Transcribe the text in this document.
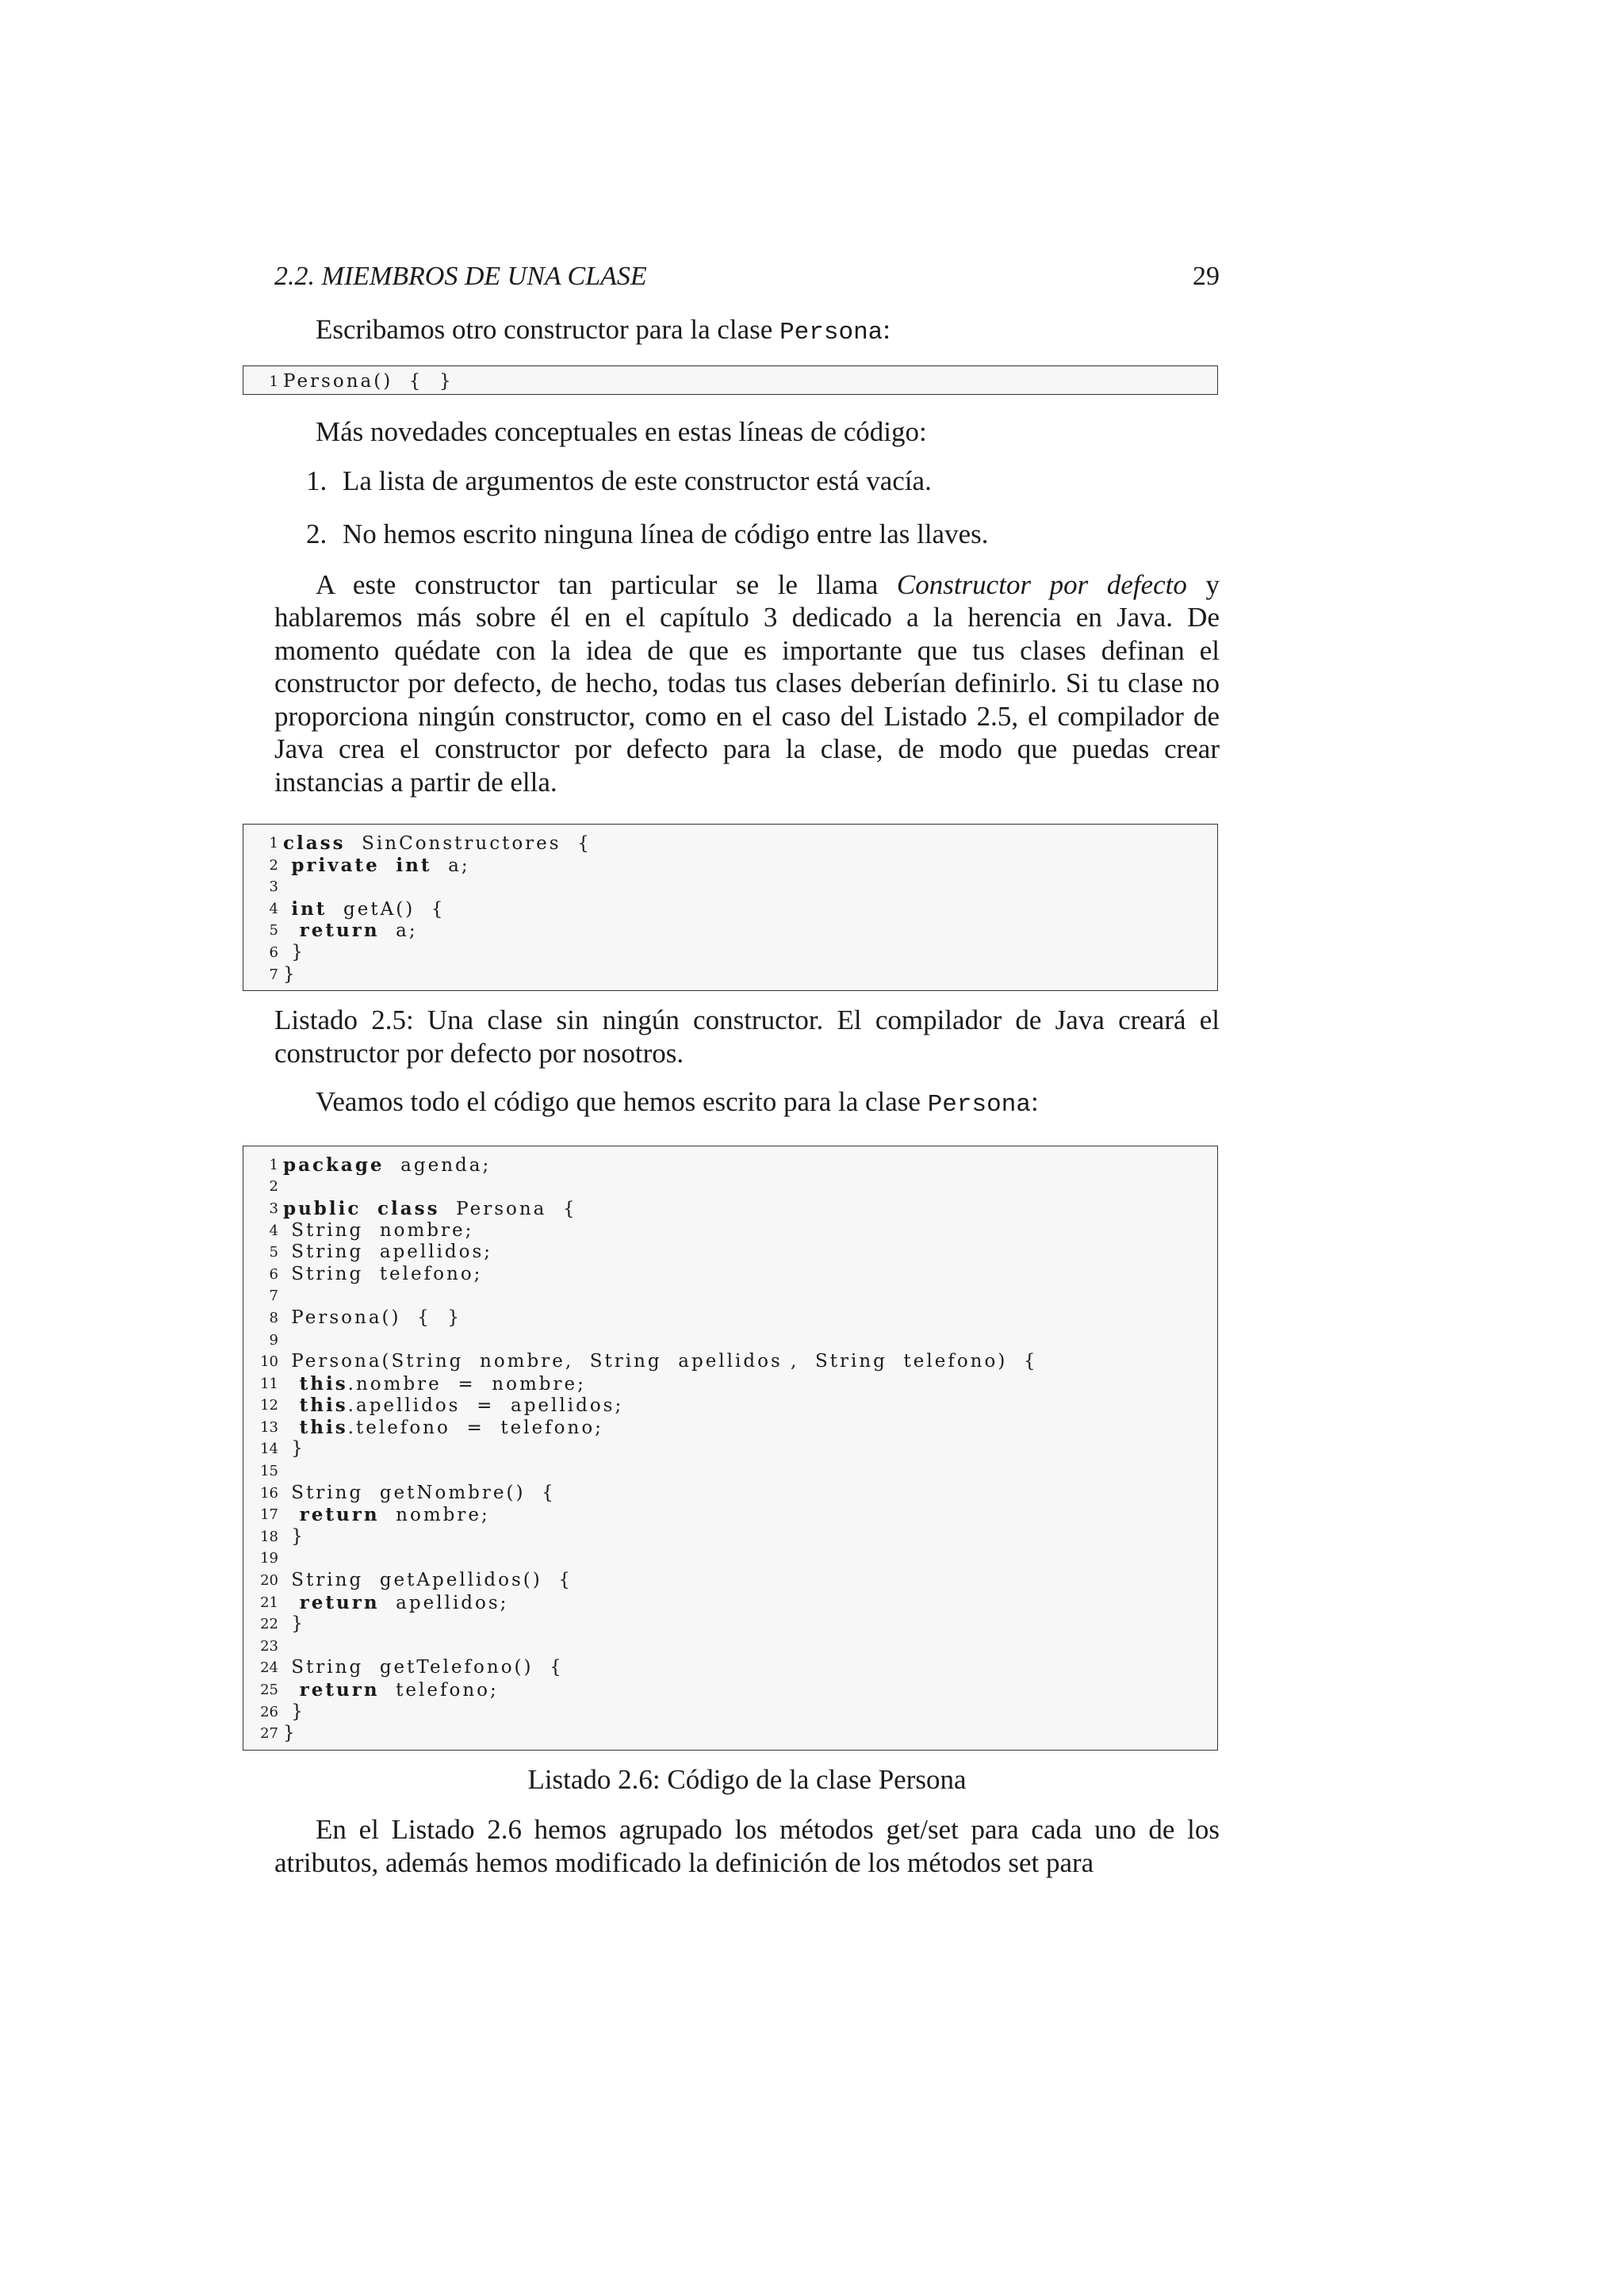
2.2. MIEMBROS DE UNA CLASE	29

Escribamos otro constructor para la clase Persona:

1 Persona()  {  }

Más novedades conceptuales en estas líneas de código:

1. La lista de argumentos de este constructor está vacía.
2. No hemos escrito ninguna línea de código entre las llaves.

A este constructor tan particular se le llama Constructor por defecto y hablaremos más sobre él en el capítulo 3 dedicado a la herencia en Java. De momento quédate con la idea de que es importante que tus clases definan el constructor por defecto, de hecho, todas tus clases deberían definirlo. Si tu clase no proporciona ningún constructor, como en el caso del Listado 2.5, el compilador de Java crea el constructor por defecto para la clase, de modo que puedas crear instancias a partir de ella.

1 class  SinConstructores  {
2 private int  a;
3
4 int  getA()  {
5	return  a;
6 }
7 }

Listado 2.5: Una clase sin ningún constructor. El compilador de Java creará el constructor por defecto por nosotros.

Veamos todo el código que hemos escrito para la clase Persona:

1 package  agenda;
2
3 public class  Persona  {
4 String  nombre;
5 String  apellidos;
6 String  telefono;
7
8 Persona()  {  }
9
10 Persona(String  nombre,  String  apellidos ,  String  telefono)  {
11	this.nombre  =  nombre;
12	this.apellidos  =  apellidos;
13	this.telefono  =  telefono;
14 }
15
16 String  getNombre()  {
17	return  nombre;
18 }
19
20 String  getApellidos()  {
21	return  apellidos;
22 }
23
24 String  getTelefono()  {
25	return  telefono;
26 }
27 }

Listado 2.6: Código de la clase Persona

En el Listado 2.6 hemos agrupado los métodos get/set para cada uno de los atributos, además hemos modificado la definición de los métodos set para
